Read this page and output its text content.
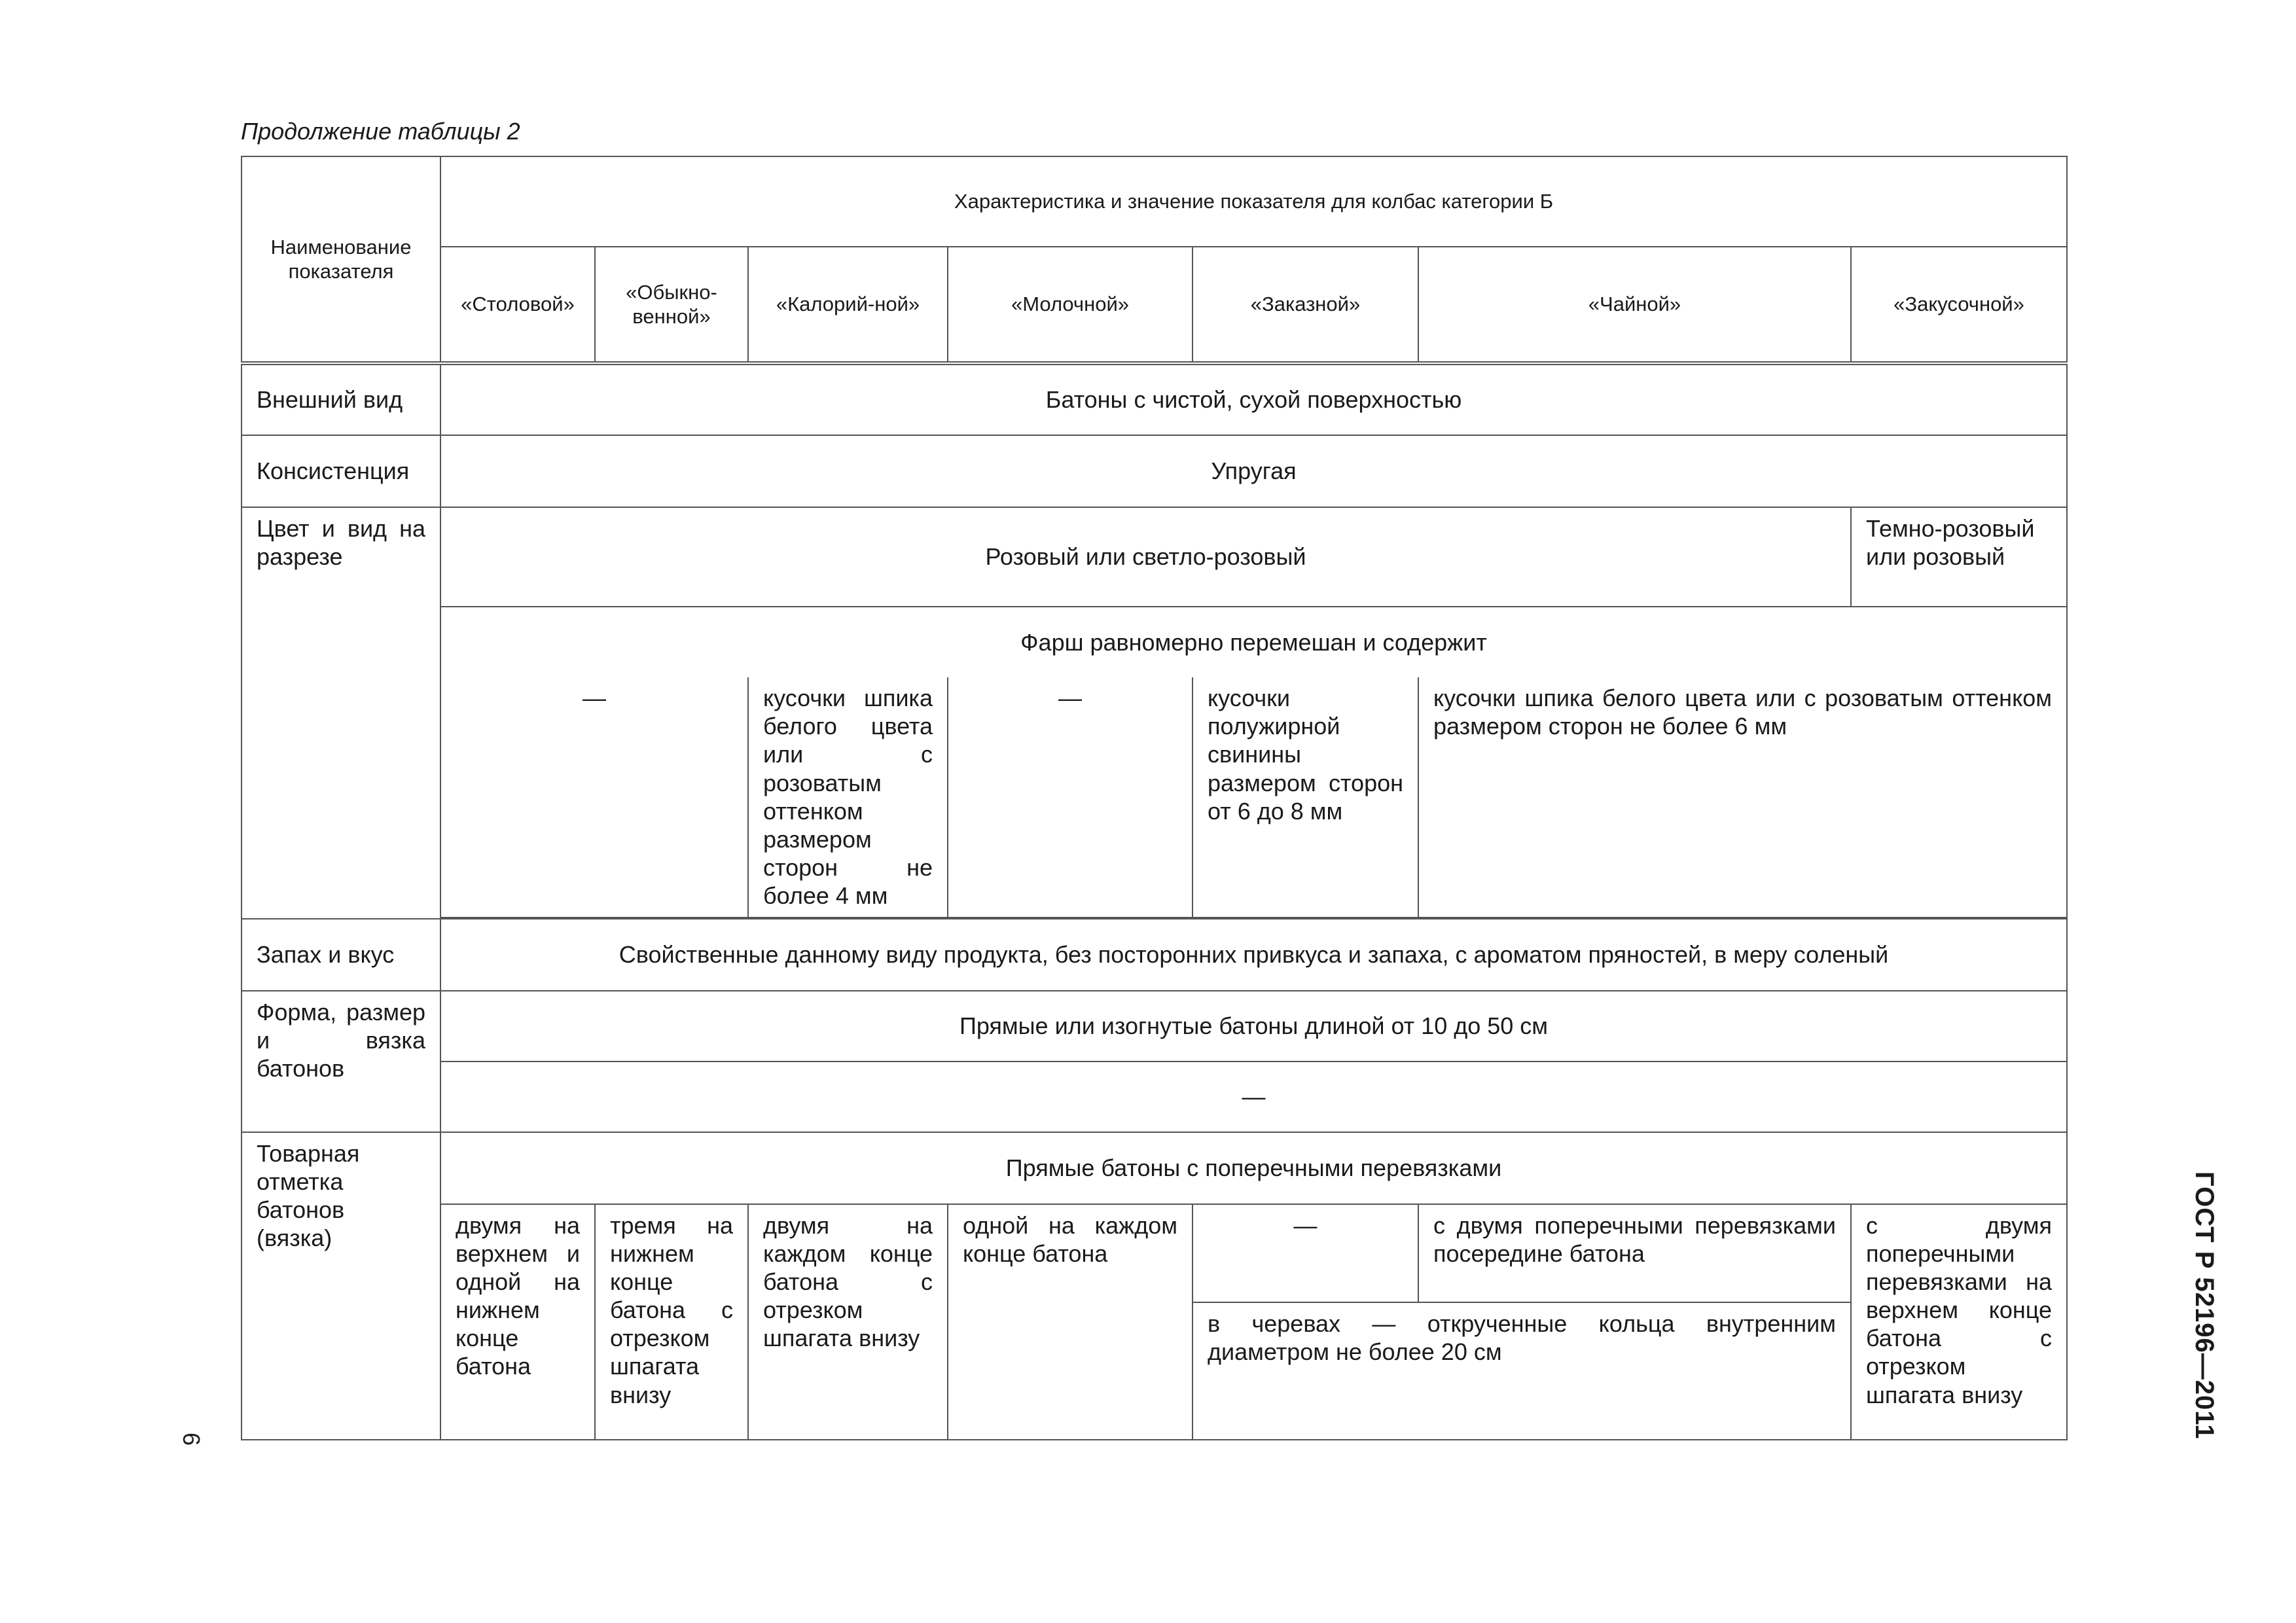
Продолжение таблицы 2
Наименование показателя	Характеристика и значение показателя для колбас категории Б						
	«Столовой»	«Обыкно-венной»	«Калорий-ной»	«Молочной»	«Заказной»	«Чайной»	«Закусочной»
Внешний вид	Батоны с чистой, сухой поверхностью						
Консистенция	Упругая						
Цвет и вид на разрезе	Розовый или светло-розовый						Темно-розовый или розовый
	Фарш равномерно перемешан и содержит						
	—		кусочки шпика белого цвета или с розоватым оттенком размером сторон не более 4 мм	—	кусочки полужирной свинины размером сторон от 6 до 8 мм	кусочки шпика белого цвета или с розоватым оттенком размером сторон не более 6 мм	

Запах и вкус	Свойственные данному виду продукта, без посторонних привкуса и запаха, с ароматом пряностей, в меру соленый						
Форма, размер и вязка батонов	Прямые или изогнутые батоны длиной от 10 до 50 см						
	—						
Товарная отметка батонов (вязка)	Прямые батоны с поперечными перевязками						
	двумя на верхнем и одной на нижнем конце батона	тремя на нижнем конце батона с отрезком шпагата внизу	двумя на каждом конце батона с отрезком шпагата внизу	одной на каждом конце батона	—	с двумя поперечными перевязками посередине батона	с двумя поперечными перевязками на верхнем конце батона с отрезком шпагата внизу
					в черевах — открученные кольца внутренним диаметром не более 20 см			ГОСТ Р 52196—2011
6
